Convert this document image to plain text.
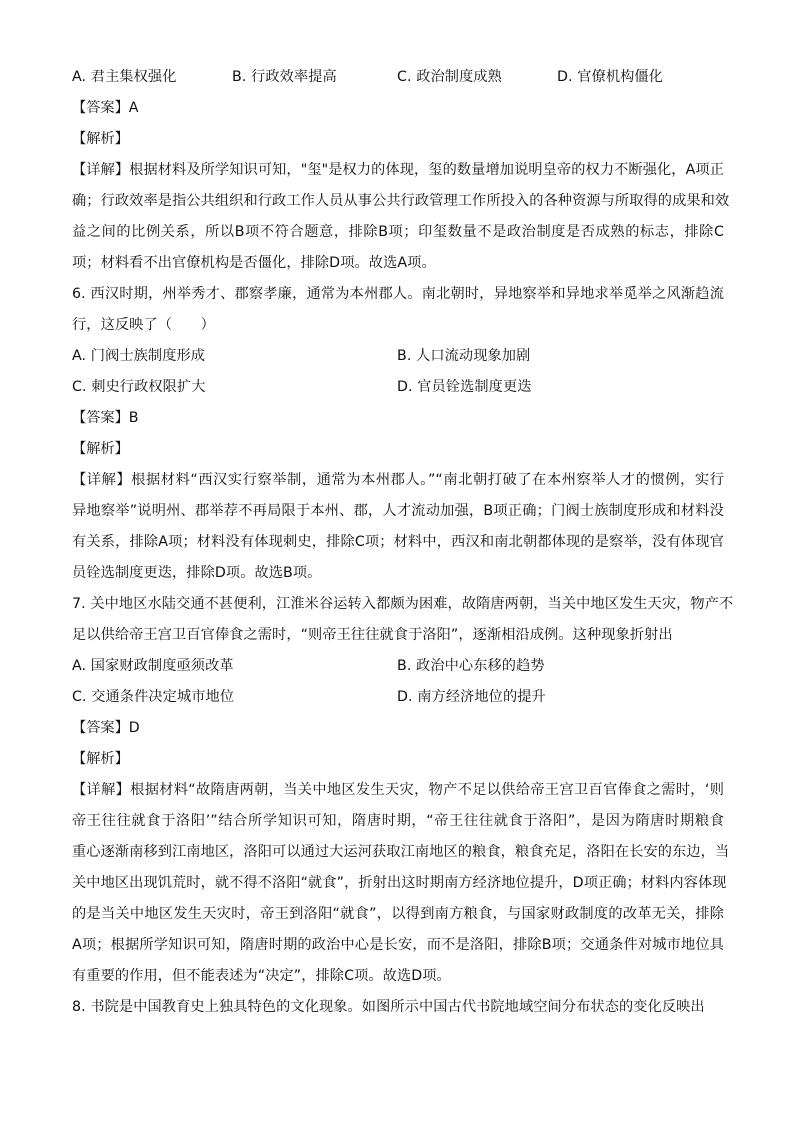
A. 君主集权强化	B. 行政效率提高	C. 政治制度成熟	D. 官僚机构僵化
【答案】A
【解析】
【详解】根据材料及所学知识可知，"玺"是权力的体现，玺的数量增加说明皇帝的权力不断强化，A项正
确；行政效率是指公共组织和行政工作人员从事公共行政管理工作所投入的各种资源与所取得的成果和效
益之间的比例关系，所以B项不符合题意，排除B项；印玺数量不是政治制度是否成熟的标志，排除C
项；材料看不出官僚机构是否僵化，排除D项。故选A项。
6. 西汉时期，州举秀才、郡察孝廉，通常为本州郡人。南北朝时，异地察举和异地求举觅举之风渐趋流
行，这反映了（　　）
A. 门阀士族制度形成	B. 人口流动现象加剧
C. 刺史行政权限扩大	D. 官员铨选制度更迭
【答案】B
【解析】
【详解】根据材料“西汉实行察举制，通常为本州郡人。”“南北朝打破了在本州察举人才的惯例，实行
异地察举”说明州、郡举荐不再局限于本州、郡，人才流动加强，B项正确；门阀士族制度形成和材料没
有关系，排除A项；材料没有体现刺史，排除C项；材料中，西汉和南北朝都体现的是察举，没有体现官
员铨选制度更迭，排除D项。故选B项。
7. 关中地区水陆交通不甚便利，江淮米谷运转入都颇为困难，故隋唐两朝，当关中地区发生天灾，物产不
足以供给帝王宫卫百官俸食之需时，“则帝王往往就食于洛阳”，逐渐相沿成例。这种现象折射出
A. 国家财政制度亟须改革	B. 政治中心东移的趋势
C. 交通条件决定城市地位	D. 南方经济地位的提升
【答案】D
【解析】
【详解】根据材料“故隋唐两朝，当关中地区发生天灾，物产不足以供给帝王宫卫百官俸食之需时，‘则
帝王往往就食于洛阳’”结合所学知识可知，隋唐时期，“帝王往往就食于洛阳”，是因为隋唐时期粮食
重心逐渐南移到江南地区，洛阳可以通过大运河获取江南地区的粮食，粮食充足，洛阳在长安的东边，当
关中地区出现饥荒时，就不得不洛阳“就食”，折射出这时期南方经济地位提升，D项正确；材料内容体现
的是当关中地区发生天灾时，帝王到洛阳“就食”，以得到南方粮食，与国家财政制度的改革无关，排除
A项；根据所学知识可知，隋唐时期的政治中心是长安，而不是洛阳，排除B项；交通条件对城市地位具
有重要的作用，但不能表述为“决定”，排除C项。故选D项。
8. 书院是中国教育史上独具特色的文化现象。如图所示中国古代书院地域空间分布状态的变化反映出
